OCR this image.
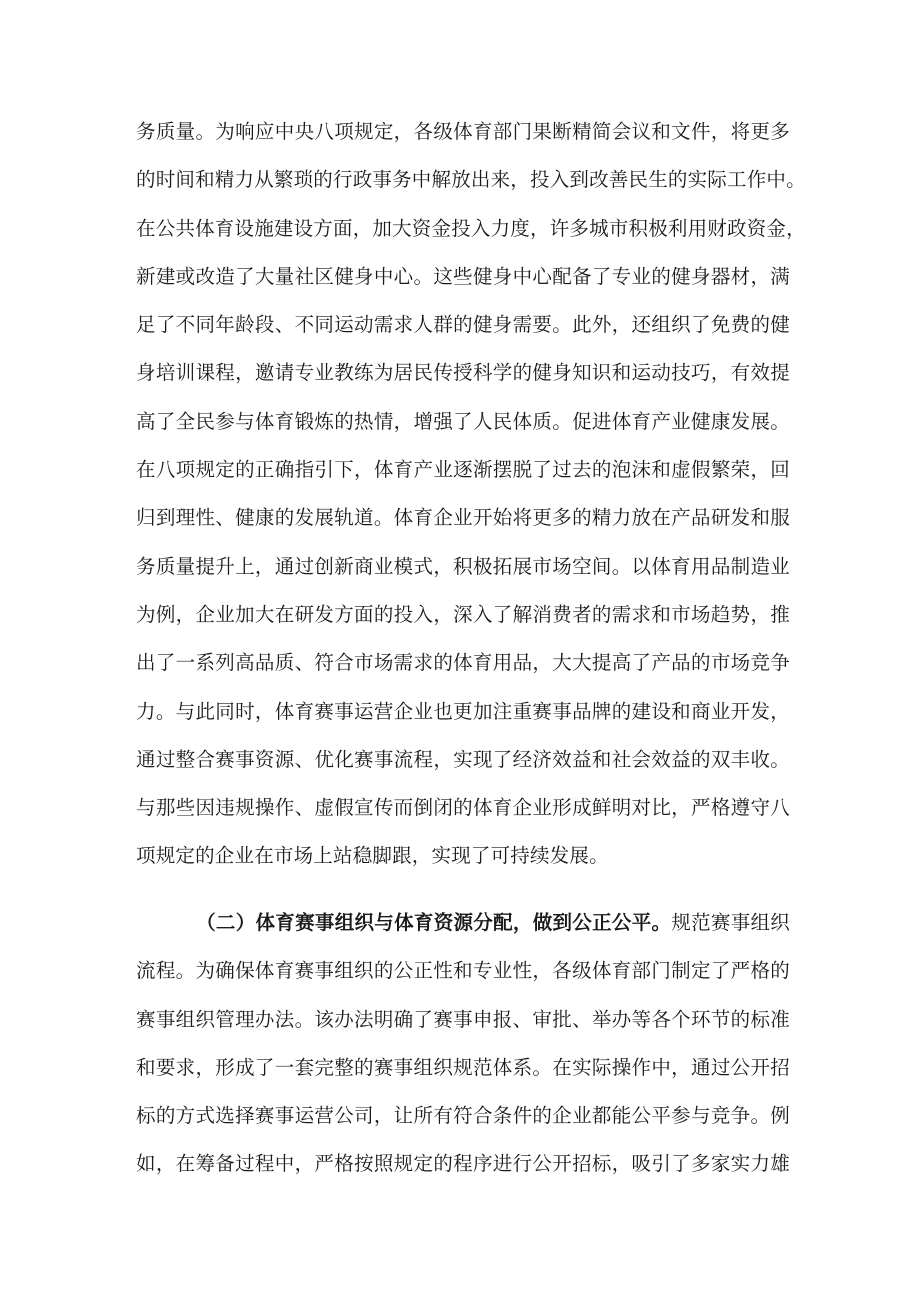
务质量。为响应中央八项规定，各级体育部门果断精简会议和文件，将更多
的时间和精力从繁琐的行政事务中解放出来，投入到改善民生的实际工作中。
在公共体育设施建设方面，加大资金投入力度，许多城市积极利用财政资金，
新建或改造了大量社区健身中心。这些健身中心配备了专业的健身器材，满
足了不同年龄段、不同运动需求人群的健身需要。此外，还组织了免费的健
身培训课程，邀请专业教练为居民传授科学的健身知识和运动技巧，有效提
高了全民参与体育锻炼的热情，增强了人民体质。促进体育产业健康发展。
在八项规定的正确指引下，体育产业逐渐摆脱了过去的泡沫和虚假繁荣，回
归到理性、健康的发展轨道。体育企业开始将更多的精力放在产品研发和服
务质量提升上，通过创新商业模式，积极拓展市场空间。以体育用品制造业
为例，企业加大在研发方面的投入，深入了解消费者的需求和市场趋势，推
出了一系列高品质、符合市场需求的体育用品，大大提高了产品的市场竞争
力。与此同时，体育赛事运营企业也更加注重赛事品牌的建设和商业开发，
通过整合赛事资源、优化赛事流程，实现了经济效益和社会效益的双丰收。
与那些因违规操作、虚假宣传而倒闭的体育企业形成鲜明对比，严格遵守八
项规定的企业在市场上站稳脚跟，实现了可持续发展。
（二）体育赛事组织与体育资源分配，做到公正公平。规范赛事组织
流程。为确保体育赛事组织的公正性和专业性，各级体育部门制定了严格的
赛事组织管理办法。该办法明确了赛事申报、审批、举办等各个环节的标准
和要求，形成了一套完整的赛事组织规范体系。在实际操作中，通过公开招
标的方式选择赛事运营公司，让所有符合条件的企业都能公平参与竞争。例
如，在筹备过程中，严格按照规定的程序进行公开招标，吸引了多家实力雄
